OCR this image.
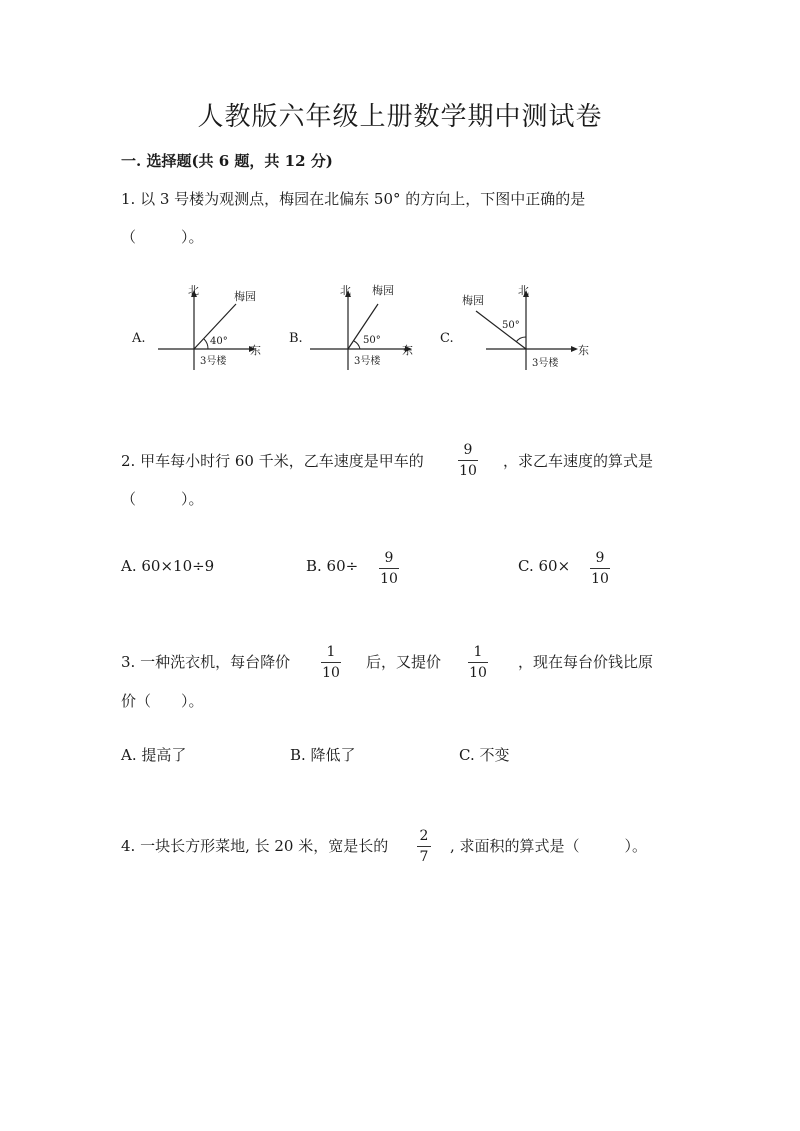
人教版六年级上册数学期中测试卷
一. 选择题(共 6 题，共 12 分)
1. 以 3 号楼为观测点，梅园在北偏东 50° 的方向上，下图中正确的是
（　　　）。
A.
北	梅园
40°
东
3号楼
B.
北 梅园
50°
东
3号楼
C.
北
梅园
50°
东
3号楼
2. 甲车每小时行 60 千米，乙车速度是甲车的
9
10
，求乙车速度的算式是
（　　　）。
A. 60×10÷9	B. 60÷ 9
10
C. 60× 9
10
3. 一种洗衣机，每台降价
1
10
后，又提价
1
10
，现在每台价钱比原
价（　　）。
A. 提高了	B. 降低了	C. 不变
4. 一块长方形菜地, 长 20 米，宽是长的
2
7
, 求面积的算式是（　　　）。
